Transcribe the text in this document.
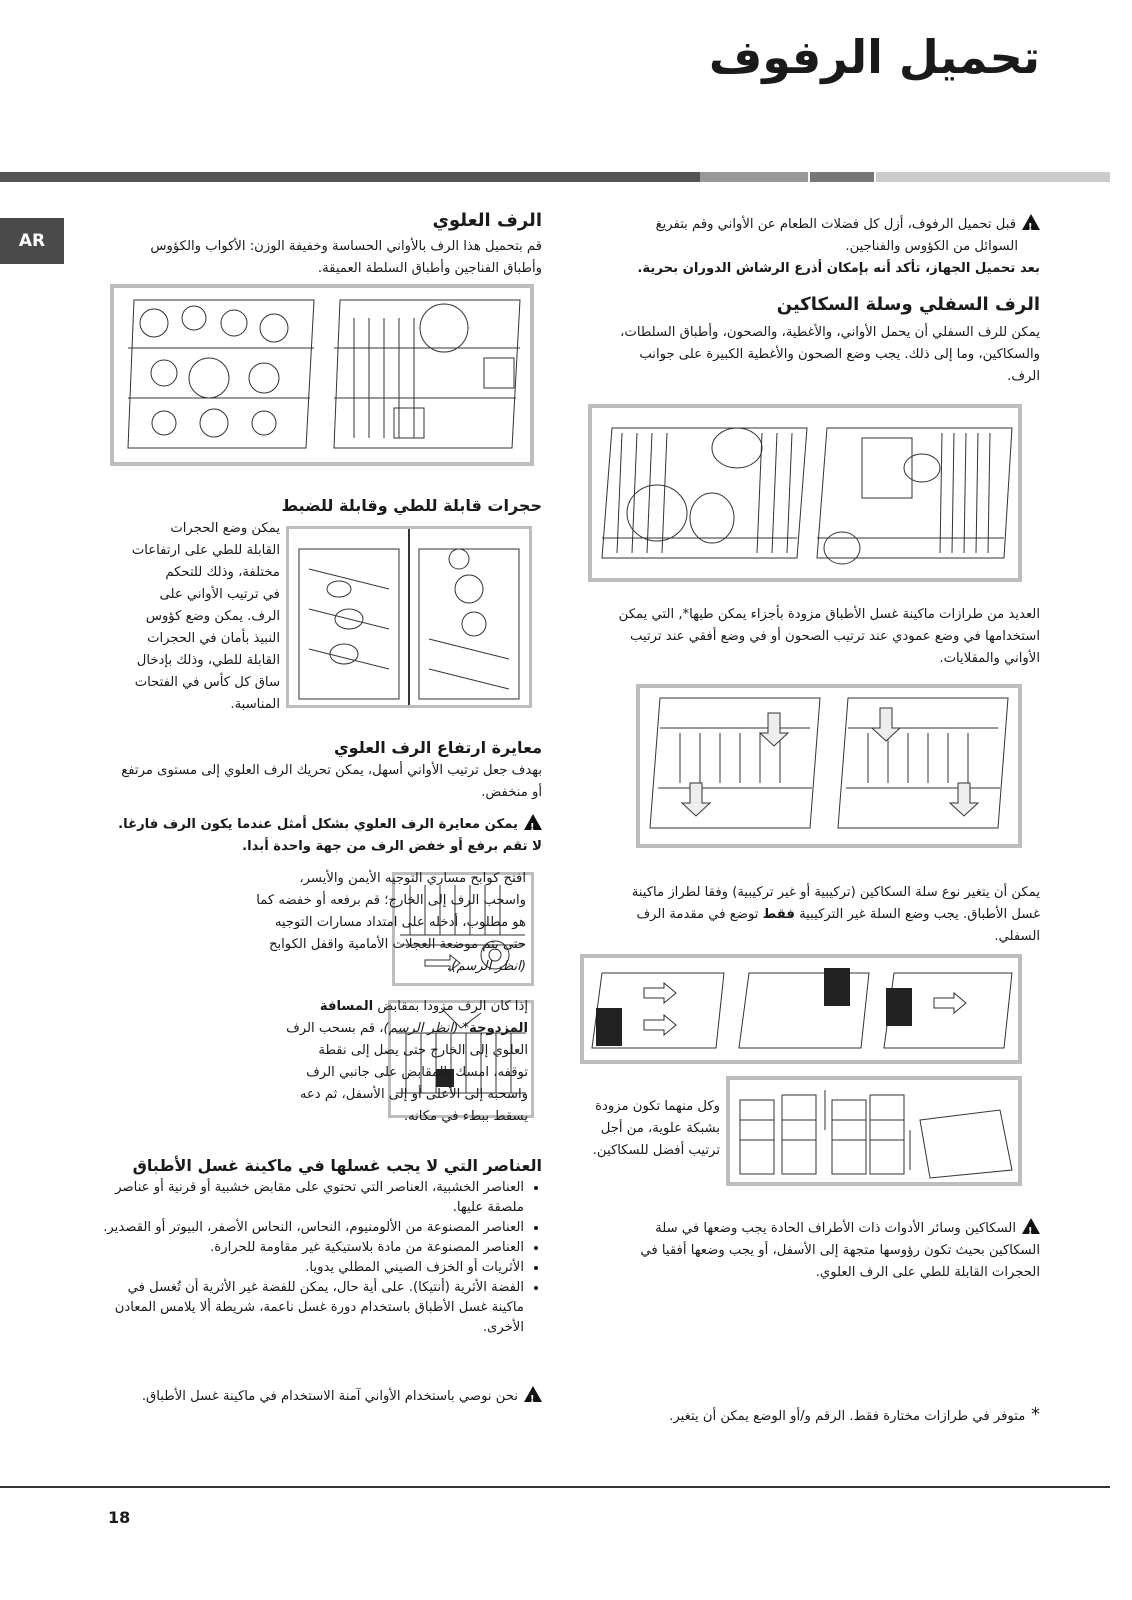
تحميل الرفوف
AR

!قبل تحميل الرفوف، أزل كل فضلات الطعام عن الأواني وقم بتفريغ

السوائل من الكؤوس والفناجين.

بعد تحميل الجهاز، تأكد أنه بإمكان أذرع الرشاش الدوران بحرية.

الرف السفلي وسلة السكاكين

يمكن للرف السفلي أن يحمل الأواني، والأغطية، والصحون، وأطباق السلطات،

والسكاكين، وما إلى ذلك. يجب وضع الصحون والأغطية الكبيرة على جوانب

الرف.

العديد من طرازات ماكينة غسل الأطباق مزودة بأجزاء يمكن طيها*, التي يمكن

استخدامها في وضع عمودي عند ترتيب الصحون أو في وضع أفقي عند ترتيب

الأواني والمقلايات.

يمكن أن يتغير نوع سلة السكاكين (تركيبية أو غير تركيبية) وفقا لطراز ماكينة

غسل الأطباق. يجب وضع السلة غير التركيبية فقط توضع في مقدمة الرف

السفلي.

وكل منهما تكون مزودة

بشبكة علوية، من أجل

ترتيب أفضل للسكاكين.

!السكاكين وسائر الأدوات ذات الأطراف الحادة يجب وضعها في سلة

السكاكين بحيث تكون رؤوسها متجهة إلى الأسفل، أو يجب وضعها أفقيا في

الحجرات القابلة للطي على الرف العلوي.

* متوفر في طرازات مختارة فقط. الرقم و/أو الوضع يمكن أن يتغير.

الرف العلوي

قم بتحميل هذا الرف بالأواني الحساسة وخفيفة الوزن: الأكواب والكؤوس

وأطباق الفناجين وأطباق السلطة العميقة.

حجرات قابلة للطي وقابلة للضبط

يمكن وضع الحجرات

القابلة للطي على ارتفاعات

مختلفة، وذلك للتحكم

في ترتيب الأواني على

الرف. يمكن وضع كؤوس

النبيذ بأمان في الحجرات

القابلة للطي، وذلك بإدخال

ساق كل كأس في الفتحات

المناسبة.

معايرة ارتفاع الرف العلوي

بهدف جعل ترتيب الأواني أسهل، يمكن تحريك الرف العلوي إلى مستوى مرتفع

أو منخفض.

!يمكن معايرة الرف العلوي بشكل أمثل عندما يكون الرف فارغا.

لا تقم برفع أو خفض الرف من جهة واحدة أبدا.

افتح كوابح مساري التوجيه الأيمن والأيسر،

واسحب الرف إلى الخارج؛ قم برفعه أو خفضه كما

هو مطلوب، أدخله على امتداد مسارات التوجيه

حتى يتم موضعة العجلات الأمامية واقفل الكوابح

(انظر الرسم).

إذا كان الرف مزودا بمقابض المسافة

المزدوجة* (انظر الرسم)، قم بسحب الرف

العلوي إلى الخارج حتى يصل إلى نقطة

توقفه، امسك بالمقابض على جانبي الرف

واسحبه إلى الأعلى أو إلى الأسفل، ثم دعه

يسقط ببطء في مكانه.

العناصر التي لا يجب غسلها في ماكينة غسل الأطباق
• العناصر الخشبية، العناصر التي تحتوي على مقابض خشبية أو قرنية أو عناصر ملصقة عليها.
• العناصر المصنوعة من الألومنيوم، النحاس، النحاس الأصفر، البيوتر أو القصدير.
• العناصر المصنوعة من مادة بلاستيكية غير مقاومة للحرارة.
• الأثريات أو الخزف الصيني المطلي يدويا.
• الفضة الأثرية (أنتيكا). على أية حال، يمكن للفضة غير الأثرية أن تُغسل في ماكينة غسل الأطباق باستخدام دورة غسل ناعمة، شريطة ألا يلامس المعادن الأخرى.

!نحن نوصي باستخدام الأواني آمنة الاستخدام في ماكينة غسل الأطباق.

18
